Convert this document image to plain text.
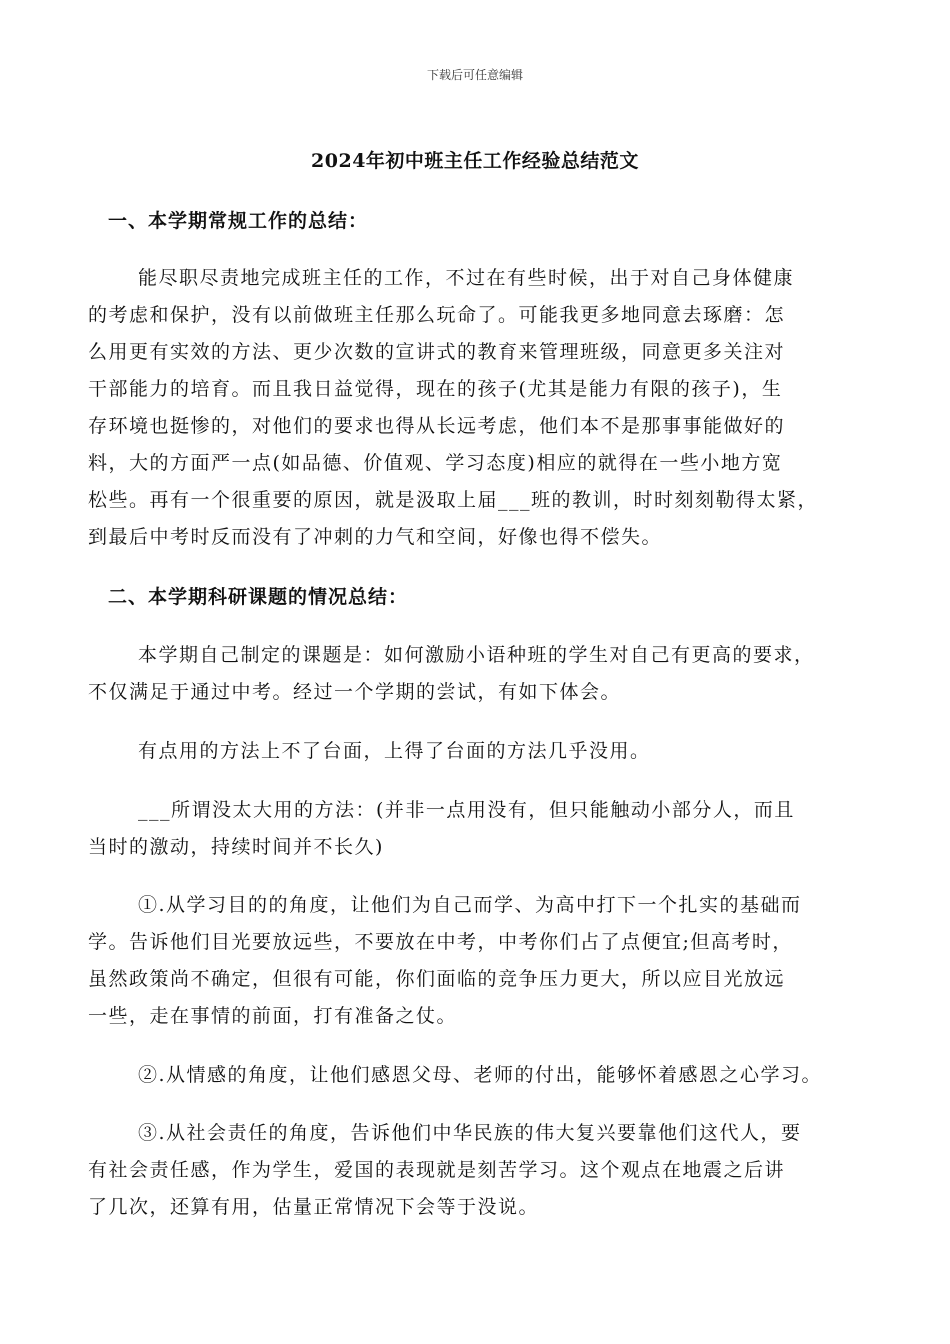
下载后可任意编辑
2024年初中班主任工作经验总结范文
一、本学期常规工作的总结：
能尽职尽责地完成班主任的工作，不过在有些时候，出于对自己身体健康
的考虑和保护，没有以前做班主任那么玩命了。可能我更多地同意去琢磨：怎
么用更有实效的方法、更少次数的宣讲式的教育来管理班级，同意更多关注对
干部能力的培育。而且我日益觉得，现在的孩子(尤其是能力有限的孩子)，生
存环境也挺惨的，对他们的要求也得从长远考虑，他们本不是那事事能做好的
料，大的方面严一点(如品德、价值观、学习态度)相应的就得在一些小地方宽
松些。再有一个很重要的原因，就是汲取上届___班的教训，时时刻刻勒得太紧，
到最后中考时反而没有了冲刺的力气和空间，好像也得不偿失。
二、本学期科研课题的情况总结：
本学期自己制定的课题是：如何激励小语种班的学生对自己有更高的要求，
不仅满足于通过中考。经过一个学期的尝试，有如下体会。
有点用的方法上不了台面，上得了台面的方法几乎没用。
___所谓没太大用的方法：(并非一点用没有，但只能触动小部分人，而且
当时的激动，持续时间并不长久)
①.从学习目的的角度，让他们为自己而学、为高中打下一个扎实的基础而
学。告诉他们目光要放远些，不要放在中考，中考你们占了点便宜;但高考时，
虽然政策尚不确定，但很有可能，你们面临的竞争压力更大，所以应目光放远
一些，走在事情的前面，打有准备之仗。
②.从情感的角度，让他们感恩父母、老师的付出，能够怀着感恩之心学习。
③.从社会责任的角度，告诉他们中华民族的伟大复兴要靠他们这代人，要
有社会责任感，作为学生，爱国的表现就是刻苦学习。这个观点在地震之后讲
了几次，还算有用，估量正常情况下会等于没说。
